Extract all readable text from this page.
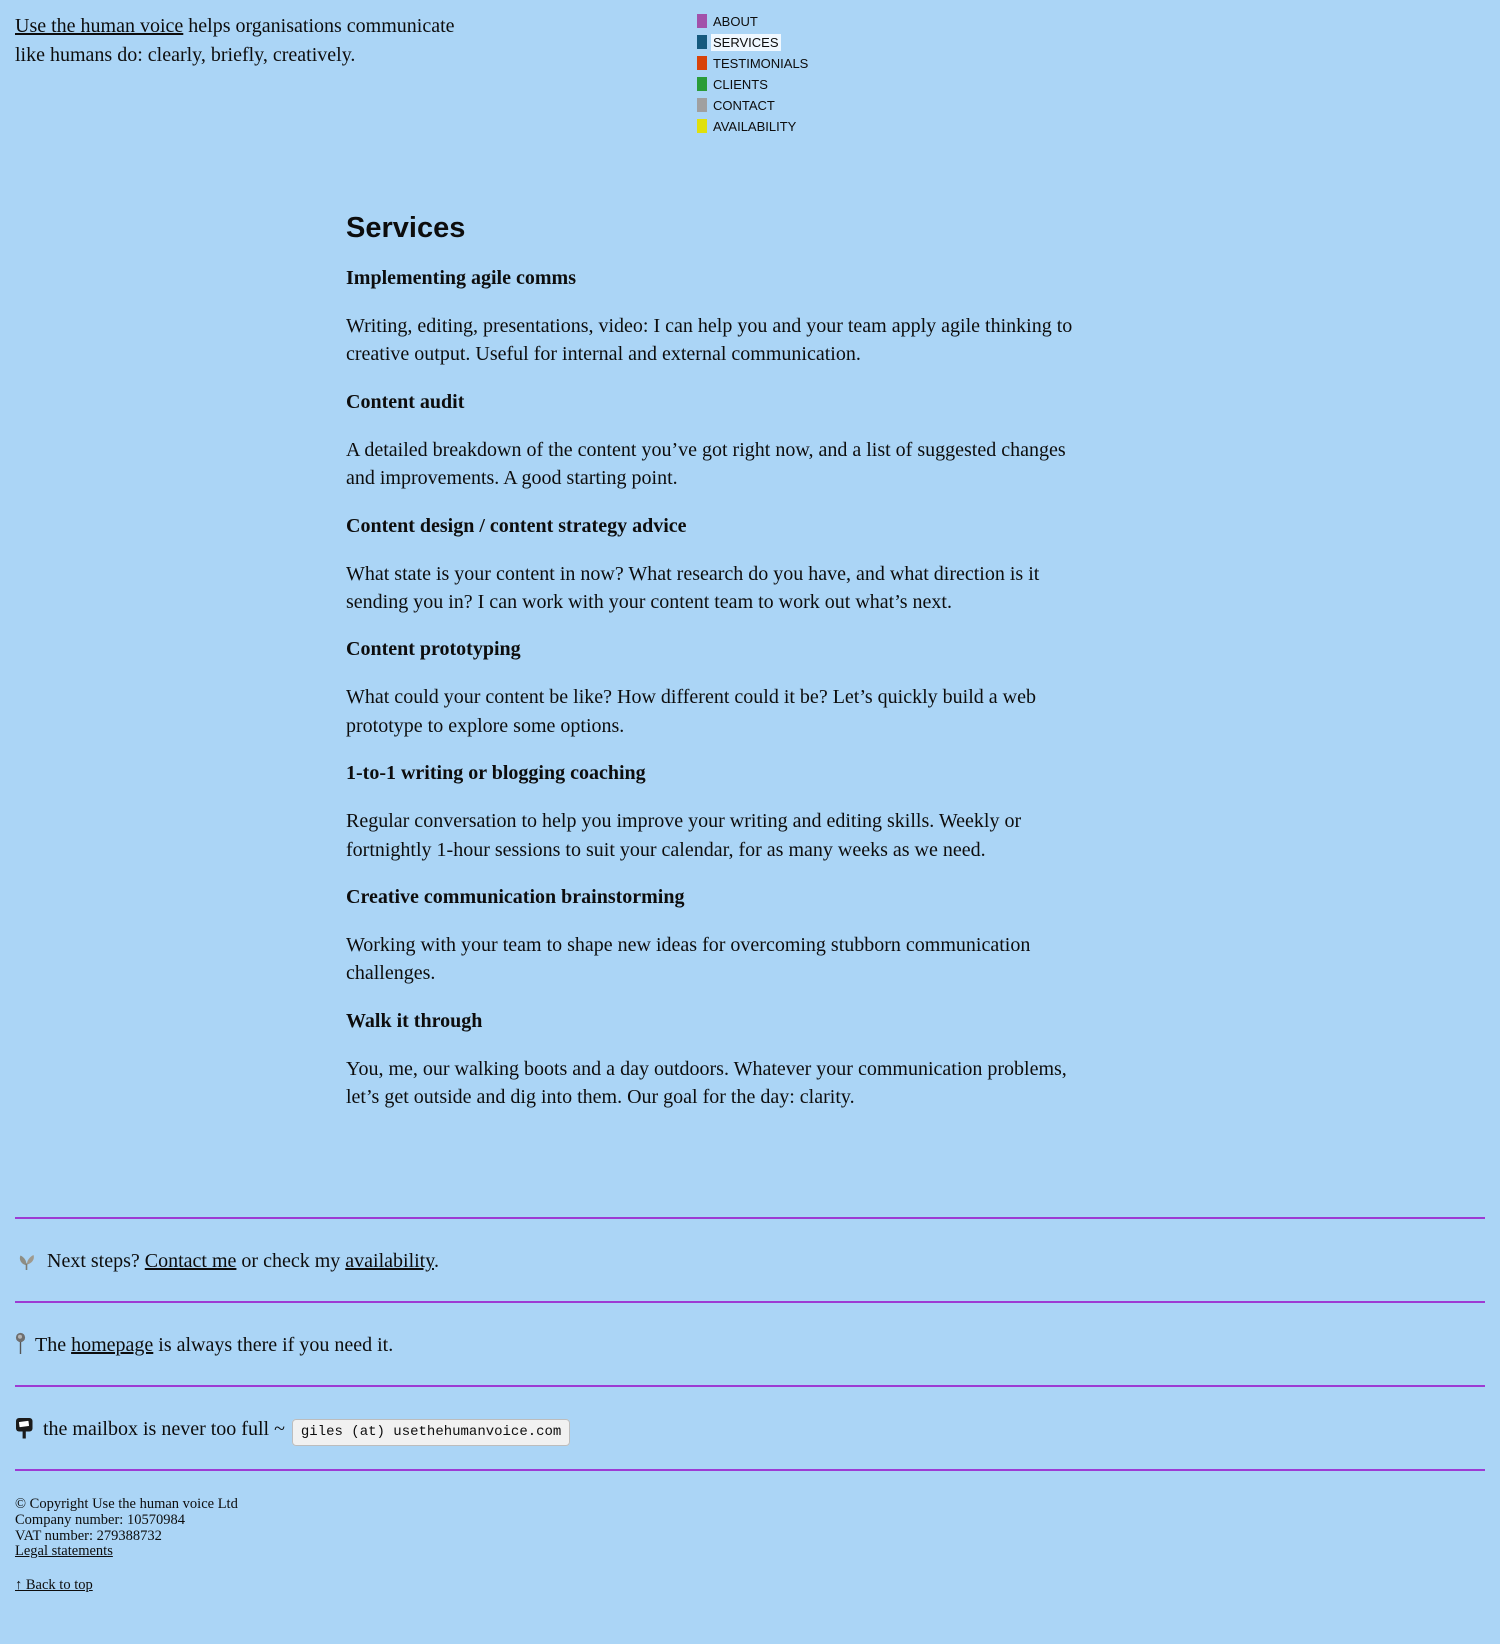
Use the human voice helps organisations communicate like humans do: clearly, briefly, creatively.

ABOUT
SERVICES
TESTIMONIALS
CLIENTS
CONTACT
AVAILABILITY
Services
Implementing agile comms

Writing, editing, presentations, video: I can help you and your team apply agile thinking to creative output. Useful for internal and external communication.

Content audit

A detailed breakdown of the content you’ve got right now, and a list of suggested changes and improvements. A good starting point.

Content design / content strategy advice

What state is your content in now? What research do you have, and what direction is it sending you in? I can work with your content team to work out what’s next.

Content prototyping

What could your content be like? How different could it be? Let’s quickly build a web prototype to explore some options.

1-to-1 writing or blogging coaching

Regular conversation to help you improve your writing and editing skills. Weekly or fortnightly 1-hour sessions to suit your calendar, for as many weeks as we need.

Creative communication brainstorming

Working with your team to shape new ideas for overcoming stubborn communication challenges.

Walk it through

You, me, our walking boots and a day outdoors. Whatever your communication problems, let’s get outside and dig into them. Our goal for the day: clarity.

Next steps? Contact me or check my availability.

The homepage is always there if you need it.

the mailbox is never too full ~ giles (at) usethehumanvoice.com

© Copyright Use the human voice Ltd
Company number: 10570984
VAT number: 279388732
Legal statements

↑ Back to top
